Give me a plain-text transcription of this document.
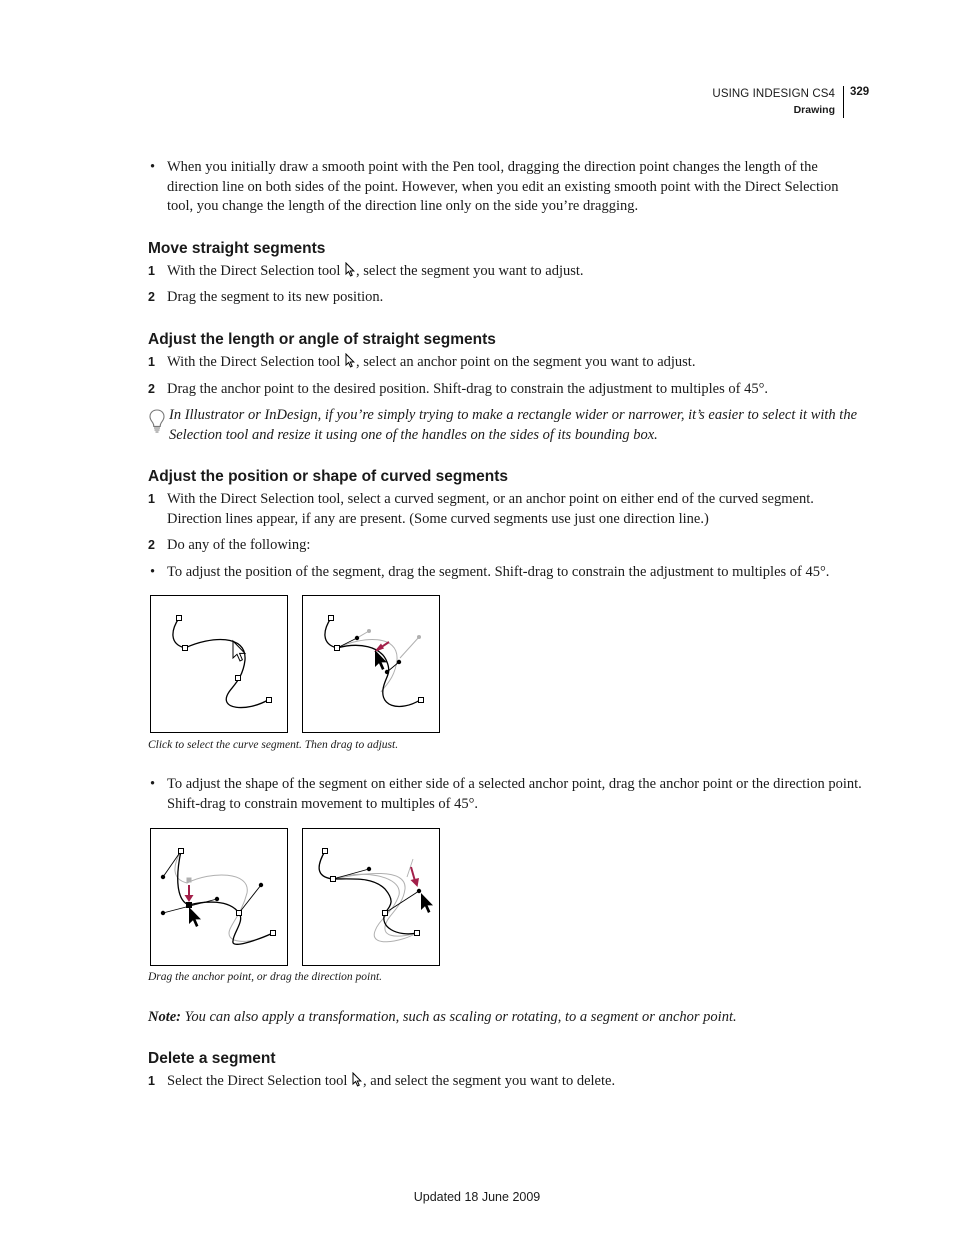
USING INDESIGN CS4
Drawing
329
• When you initially draw a smooth point with the Pen tool, dragging the direction point changes the length of the direction line on both sides of the point. However, when you edit an existing smooth point with the Direct Selection tool, you change the length of the direction line only on the side you’re dragging.
Move straight segments
1 With the Direct Selection tool , select the segment you want to adjust.
2 Drag the segment to its new position.
Adjust the length or angle of straight segments
1 With the Direct Selection tool , select an anchor point on the segment you want to adjust.
2 Drag the anchor point to the desired position. Shift-drag to constrain the adjustment to multiples of 45°.
In Illustrator or InDesign, if you’re simply trying to make a rectangle wider or narrower, it’s easier to select it with the Selection tool and resize it using one of the handles on the sides of its bounding box.
Adjust the position or shape of curved segments
1 With the Direct Selection tool, select a curved segment, or an anchor point on either end of the curved segment. Direction lines appear, if any are present. (Some curved segments use just one direction line.)
2 Do any of the following:
• To adjust the position of the segment, drag the segment. Shift-drag to constrain the adjustment to multiples of 45°.
Click to select the curve segment. Then drag to adjust.
• To adjust the shape of the segment on either side of a selected anchor point, drag the anchor point or the direction point. Shift-drag to constrain movement to multiples of 45°.
Drag the anchor point, or drag the direction point.
Note: You can also apply a transformation, such as scaling or rotating, to a segment or anchor point.
Delete a segment
1 Select the Direct Selection tool , and select the segment you want to delete.
Updated 18 June 2009
